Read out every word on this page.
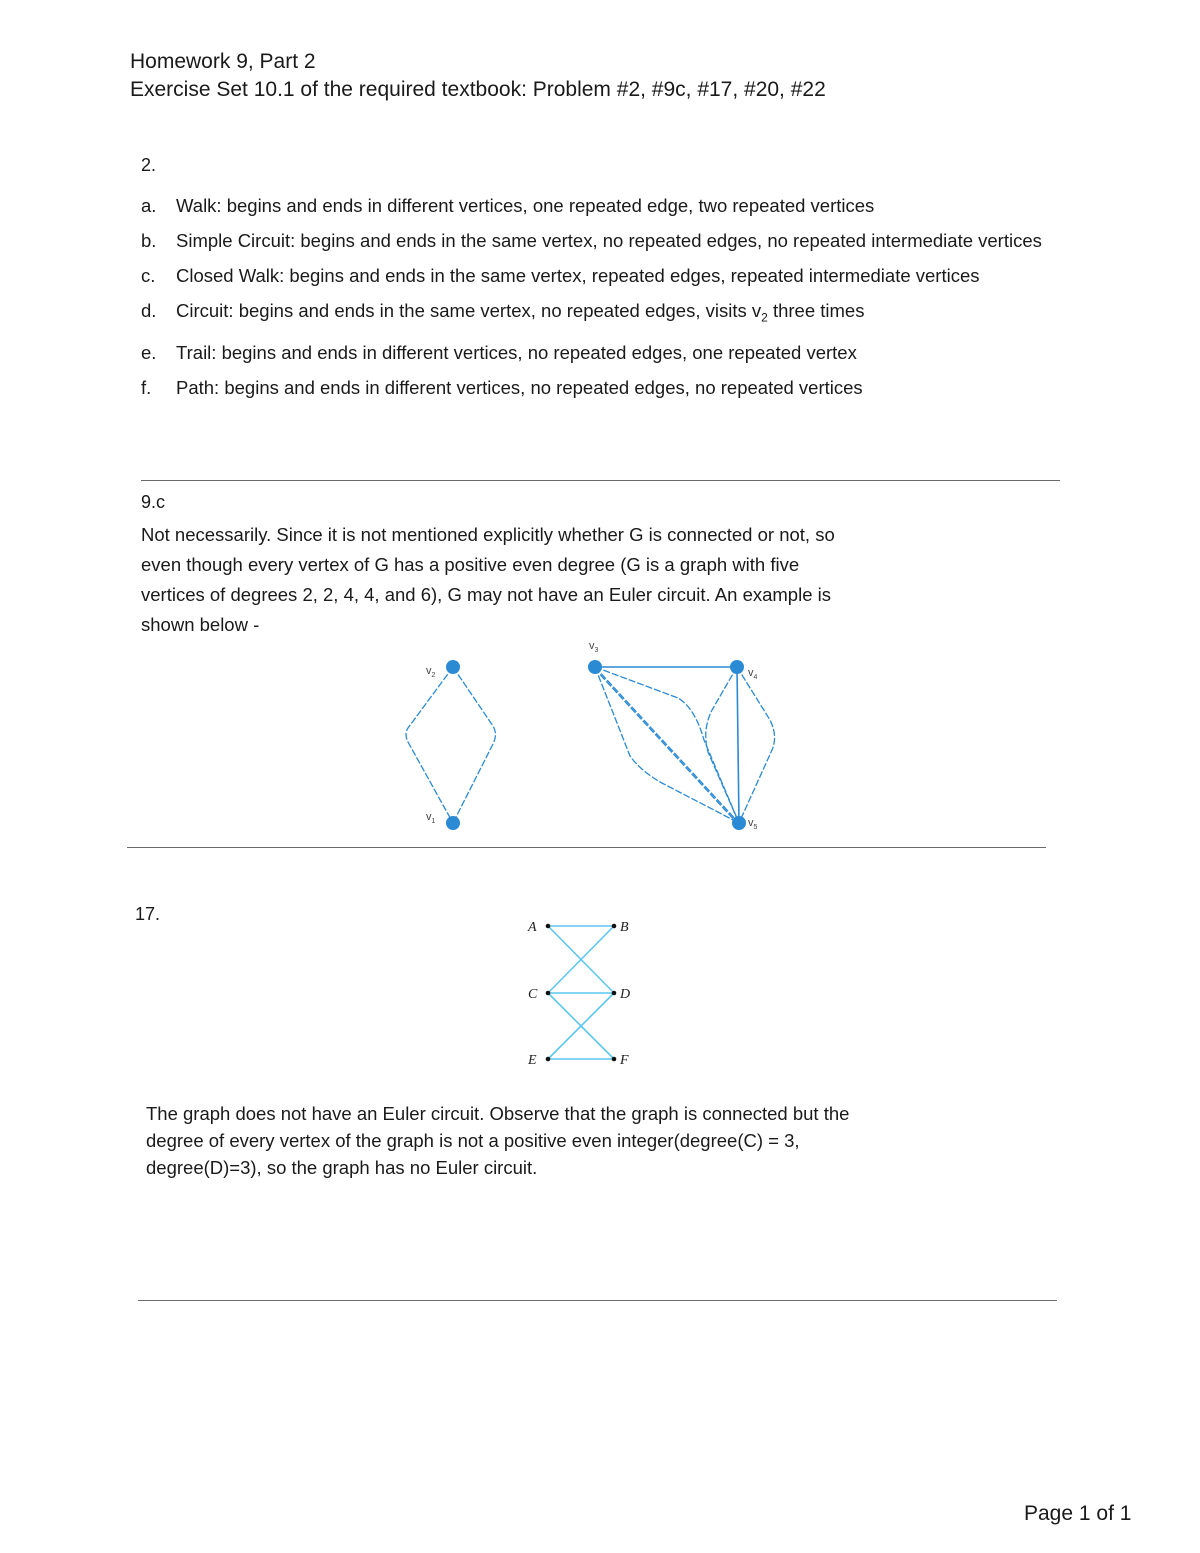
Homework 9, Part 2
Exercise Set 10.1 of the required textbook: Problem #2, #9c, #17, #20, #22
2.
a. Walk: begins and ends in different vertices, one repeated edge, two repeated vertices
b. Simple Circuit: begins and ends in the same vertex, no repeated edges, no repeated intermediate vertices
c. Closed Walk: begins and ends in the same vertex, repeated edges, repeated intermediate vertices
d. Circuit: begins and ends in the same vertex, no repeated edges, visits $v_2$ three times
e. Trail: begins and ends in different vertices, no repeated edges, one repeated vertex
f. Path: begins and ends in different vertices, no repeated edges, no repeated vertices
9.c
Not necessarily. Since it is not mentioned explicitly whether G is connected or not, so
even though every vertex of G has a positive even degree (G is a graph with five
vertices of degrees 2, 2, 4, 4, and 6), G may not have an Euler circuit. An example is
shown below -
$v_2$
$v_1$
$v_3$
$v_4$
$v_5$
17.
A	B
C	D
E	F
The graph does not have an Euler circuit. Observe that the graph is connected but the
degree of every vertex of the graph is not a positive even integer(degree(C) = 3,
degree(D)=3), so the graph has no Euler circuit.
Page 1 of 1
